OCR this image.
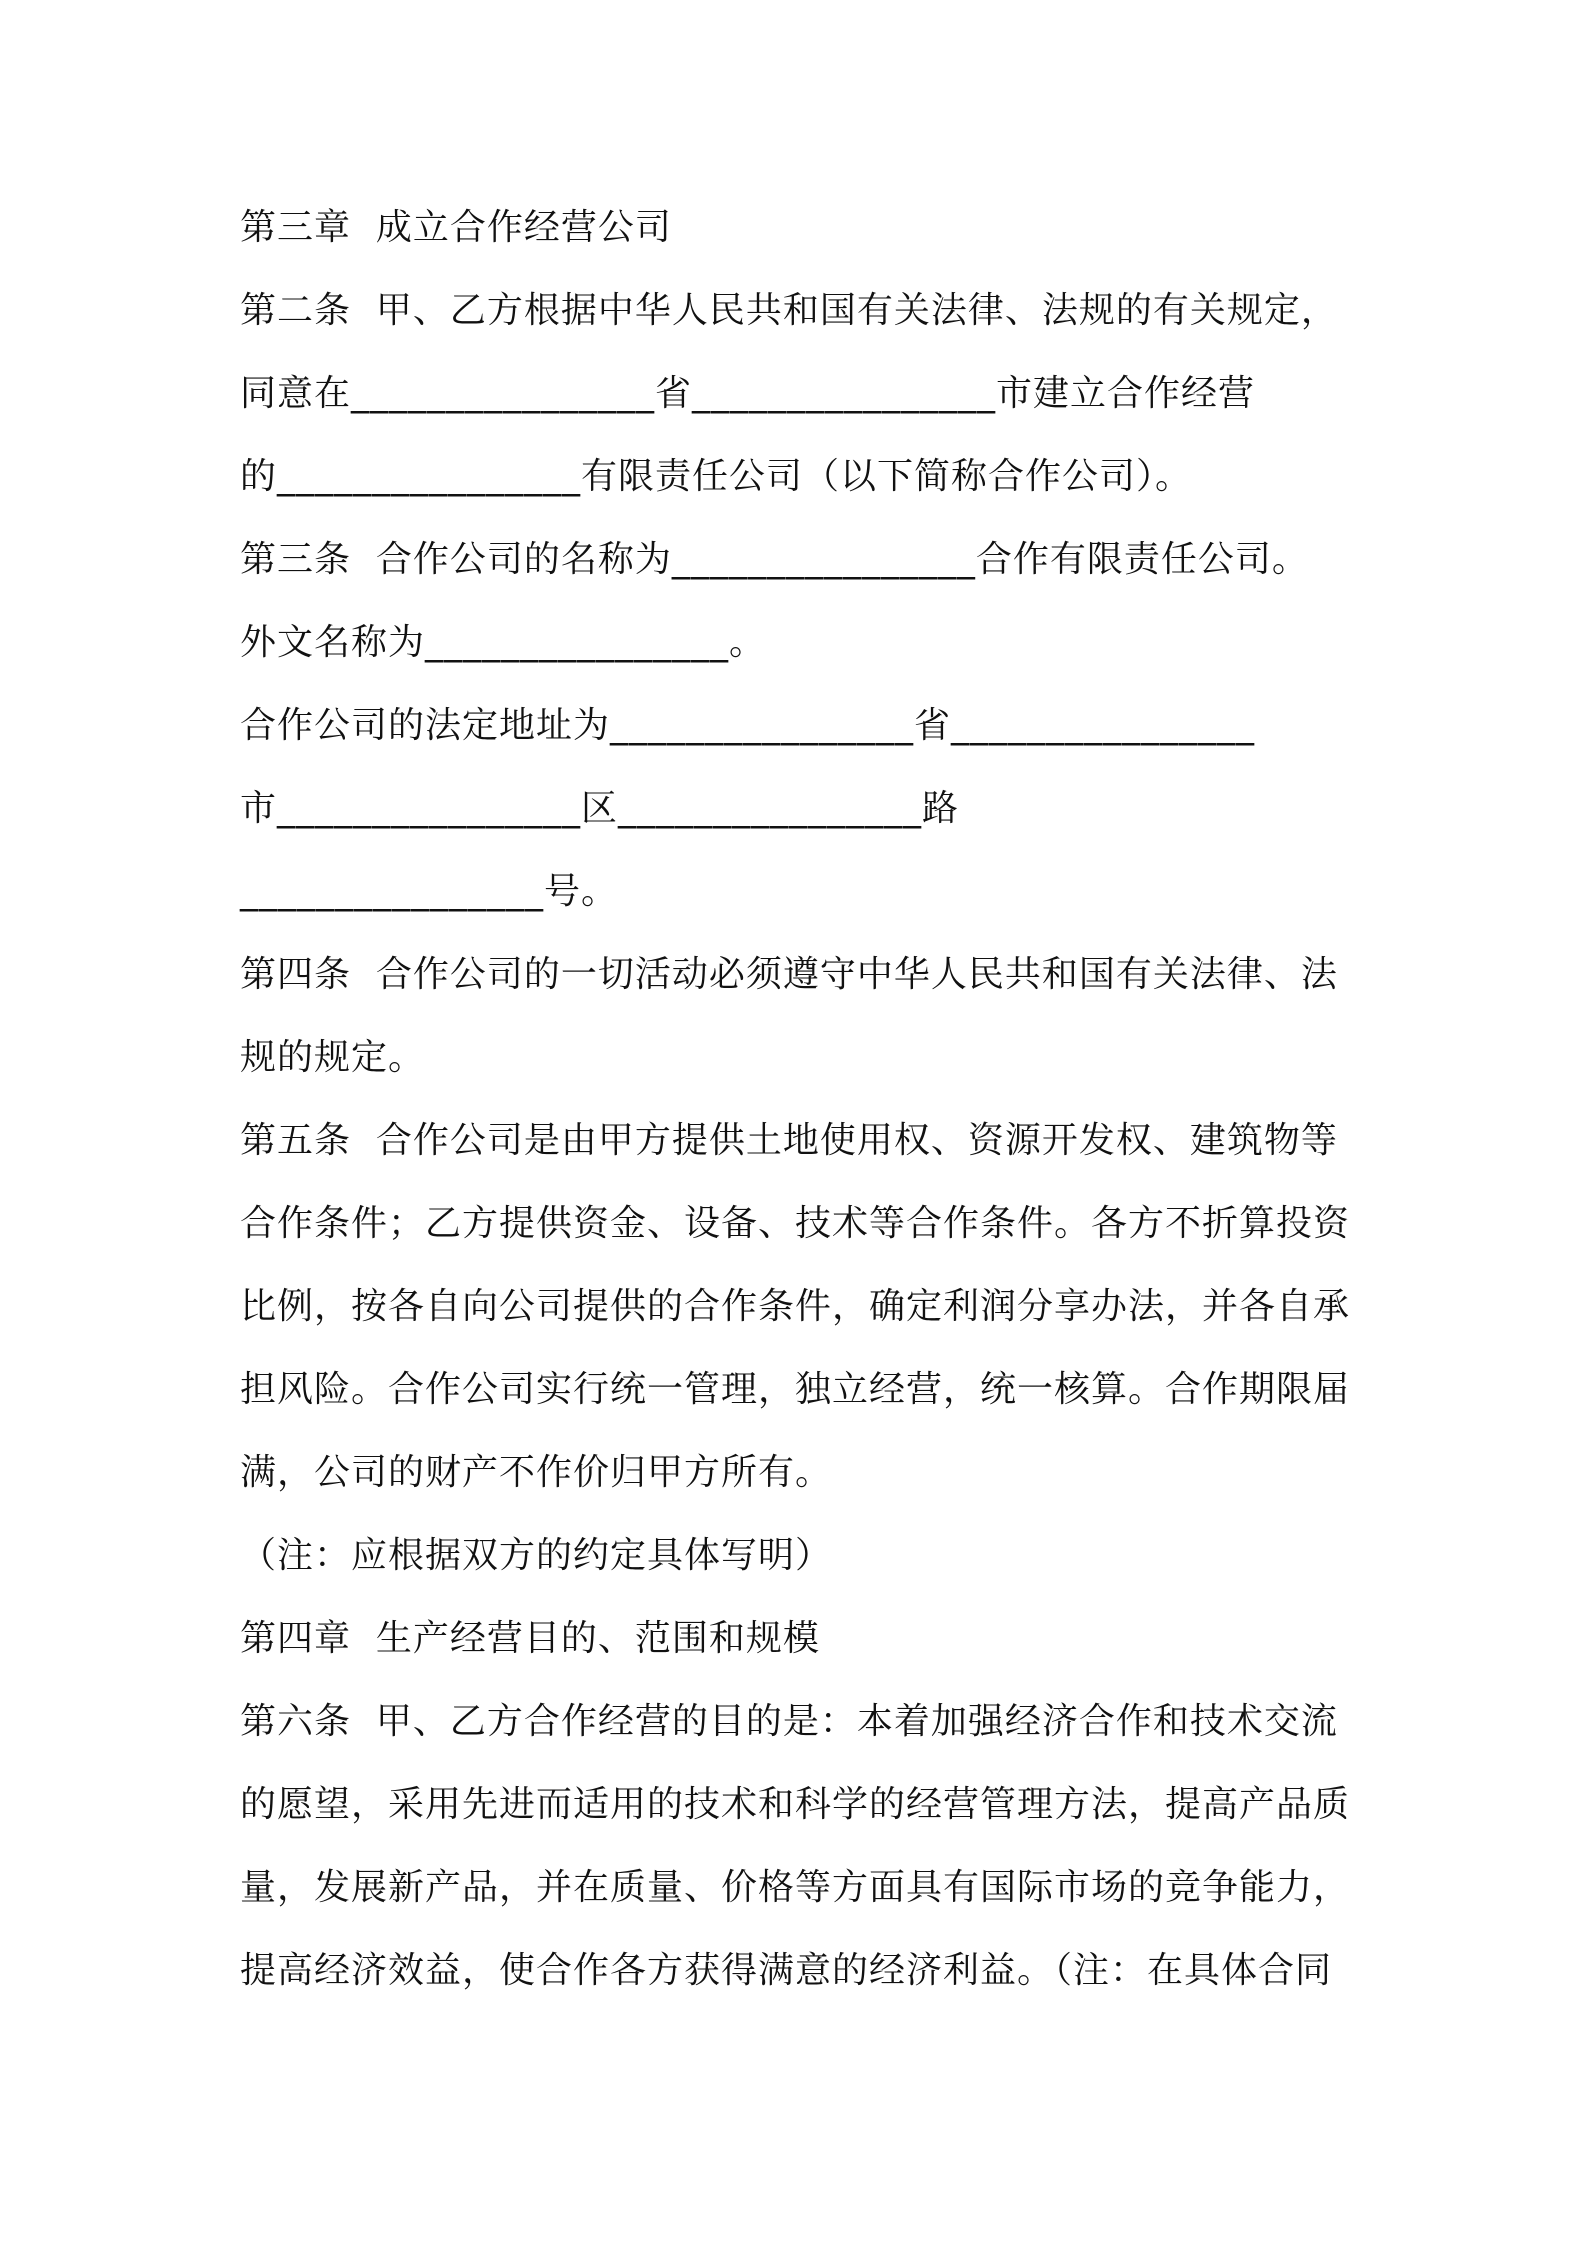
第三章  成立合作经营公司
第二条  甲、乙方根据中华人民共和国有关法律、法规的有关规定，
同意在________________省________________市建立合作经营
的________________有限责任公司（以下简称合作公司）。
第三条  合作公司的名称为________________合作有限责任公司。
外文名称为________________。
合作公司的法定地址为________________省________________
市________________区________________路
________________号。
第四条  合作公司的一切活动必须遵守中华人民共和国有关法律、法
规的规定。
第五条  合作公司是由甲方提供土地使用权、资源开发权、建筑物等
合作条件；乙方提供资金、设备、技术等合作条件。各方不折算投资
比例，按各自向公司提供的合作条件，确定利润分享办法，并各自承
担风险。合作公司实行统一管理，独立经营，统一核算。合作期限届
满，公司的财产不作价归甲方所有。
（注：应根据双方的约定具体写明）
第四章  生产经营目的、范围和规模
第六条  甲、乙方合作经营的目的是：本着加强经济合作和技术交流
的愿望，采用先进而适用的技术和科学的经营管理方法，提高产品质
量，发展新产品，并在质量、价格等方面具有国际市场的竞争能力，
提高经济效益，使合作各方获得满意的经济利益。（注：在具体合同
